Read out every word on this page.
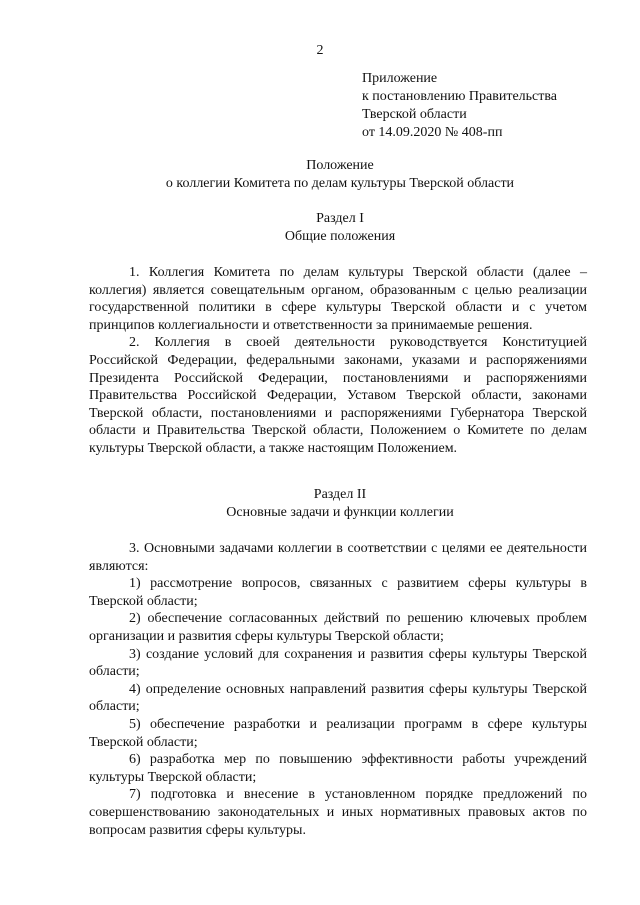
2
Приложение
к постановлению Правительства
Тверской области
от 14.09.2020 № 408-пп
Положение
о коллегии Комитета по делам культуры Тверской области
Раздел I
Общие положения

1. Коллегия Комитета по делам культуры Тверской области (далее – коллегия) является совещательным органом, образованным с целью реализации государственной политики в сфере культуры Тверской области и с учетом принципов коллегиальности и ответственности за принимаемые решения.

2. Коллегия в своей деятельности руководствуется Конституцией Российской Федерации, федеральными законами, указами и распоряжениями Президента Российской Федерации, постановлениями и распоряжениями Правительства Российской Федерации, Уставом Тверской области, законами Тверской области, постановлениями и распоряжениями Губернатора Тверской области и Правительства Тверской области, Положением о Комитете по делам культуры Тверской области, а также настоящим Положением.

Раздел II
Основные задачи и функции коллегии

3. Основными задачами коллегии в соответствии с целями ее деятельности являются:

1) рассмотрение вопросов, связанных с развитием сферы культуры в Тверской области;

2) обеспечение согласованных действий по решению ключевых проблем организации и развития сферы культуры Тверской области;

3) создание условий для сохранения и развития сферы культуры Тверской области;

4) определение основных направлений развития сферы культуры Тверской области;

5) обеспечение разработки и реализации программ в сфере культуры Тверской области;

6) разработка мер по повышению эффективности работы учреждений культуры Тверской области;

7) подготовка и внесение в установленном порядке предложений по совершенствованию законодательных и иных нормативных правовых актов по вопросам развития сферы культуры.
